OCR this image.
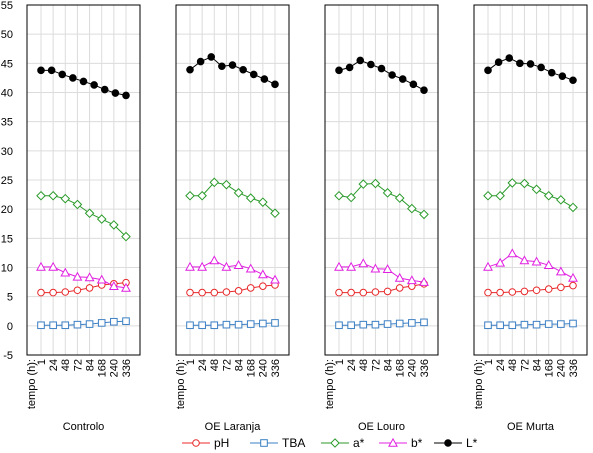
-5
0
5
10
15
20
25
30
35
40
45
50
55
tempo (h):
1 24 48 72 84 168 240 336
Controlo
tempo (h):
1 24 48 72 84 168 240 336
OE Laranja
tempo (h):
1 24 48 72 84 168 240 336
OE Louro
tempo (h):
1 24 48 72 84 168 240 336
OE Murta
pH	TBA	a*	b*	L*
